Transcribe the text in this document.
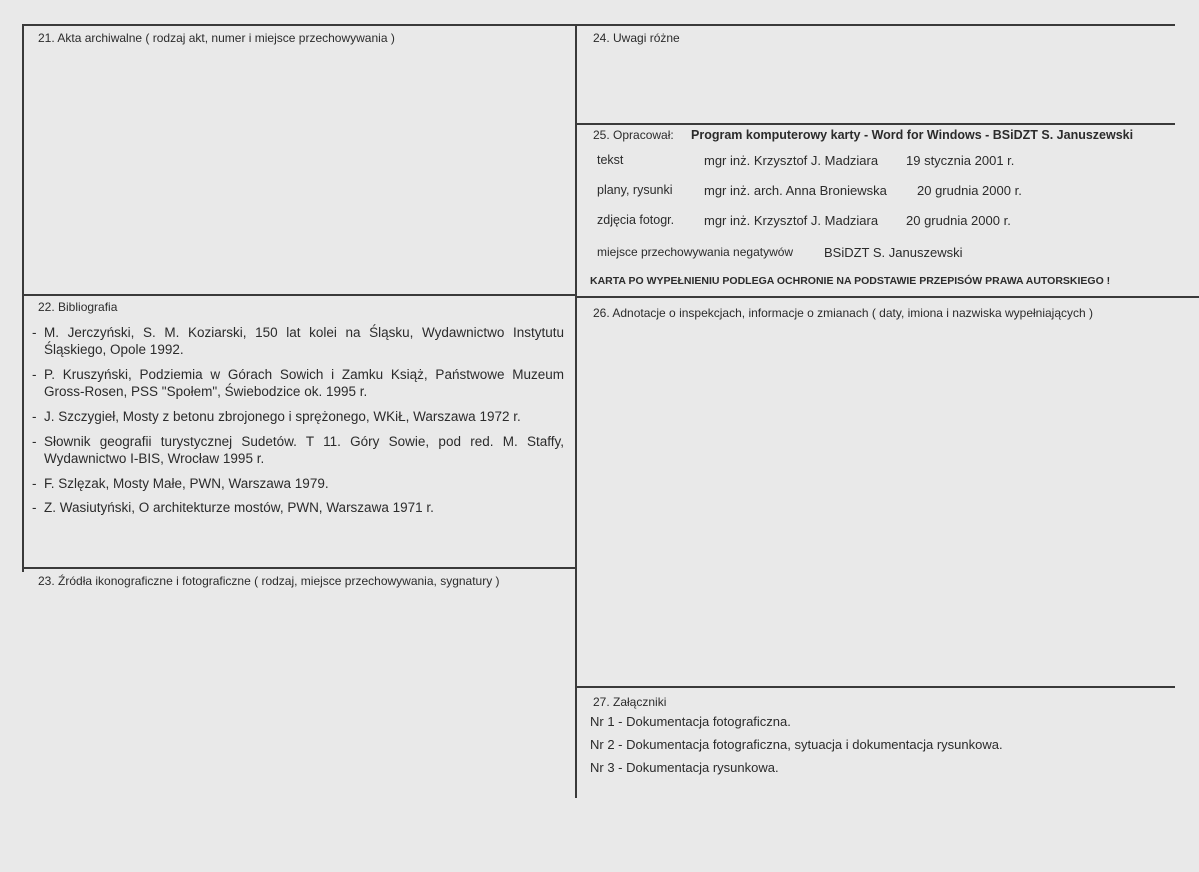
21. Akta archiwalne ( rodzaj akt, numer i miejsce przechowywania )	24. Uwagi różne
25. Opracował: Program komputerowy karty - Word for Windows - BSiDZT S. Januszewski
tekst	mgr inż. Krzysztof J. Madziara 19 stycznia 2001 r.
plany, rysunki mgr inż. arch. Anna Broniewska 20 grudnia 2000 r.
zdjęcia fotogr. mgr inż. Krzysztof J. Madziara 20 grudnia 2000 r.
miejsce przechowywania negatywów BSiDZT S. Januszewski
KARTA PO WYPEŁNIENIU PODLEGA OCHRONIE NA PODSTAWIE PRZEPISÓW PRAWA AUTORSKIEGO !
22. Bibliografia
- M. Jerczyński, S. M. Koziarski, 150 lat kolei na Śląsku, Wydawnictwo Instytutu Śląskiego, Opole 1992.
- P. Kruszyński, Podziemia w Górach Sowich i Zamku Książ, Państwowe Muzeum Gross-Rosen, PSS "Społem", Świebodzice ok. 1995 r.
- J. Szczygieł, Mosty z betonu zbrojonego i sprężonego, WKiŁ, Warszawa 1972 r.
- Słownik geografii turystycznej Sudetów. T 11. Góry Sowie, pod red. M. Staffy, Wydawnictwo I-BIS, Wrocław 1995 r.
- F. Szlęzak, Mosty Małe, PWN, Warszawa 1979.
- Z. Wasiutyński, O architekturze mostów, PWN, Warszawa 1971 r.
26. Adnotacje o inspekcjach, informacje o zmianach ( daty, imiona i nazwiska wypełniających )
23. Źródła ikonograficzne i fotograficzne ( rodzaj, miejsce przechowywania, sygnatury )
27. Załączniki
Nr 1 - Dokumentacja fotograficzna.
Nr 2 - Dokumentacja fotograficzna, sytuacja i dokumentacja rysunkowa.
Nr 3 - Dokumentacja rysunkowa.
